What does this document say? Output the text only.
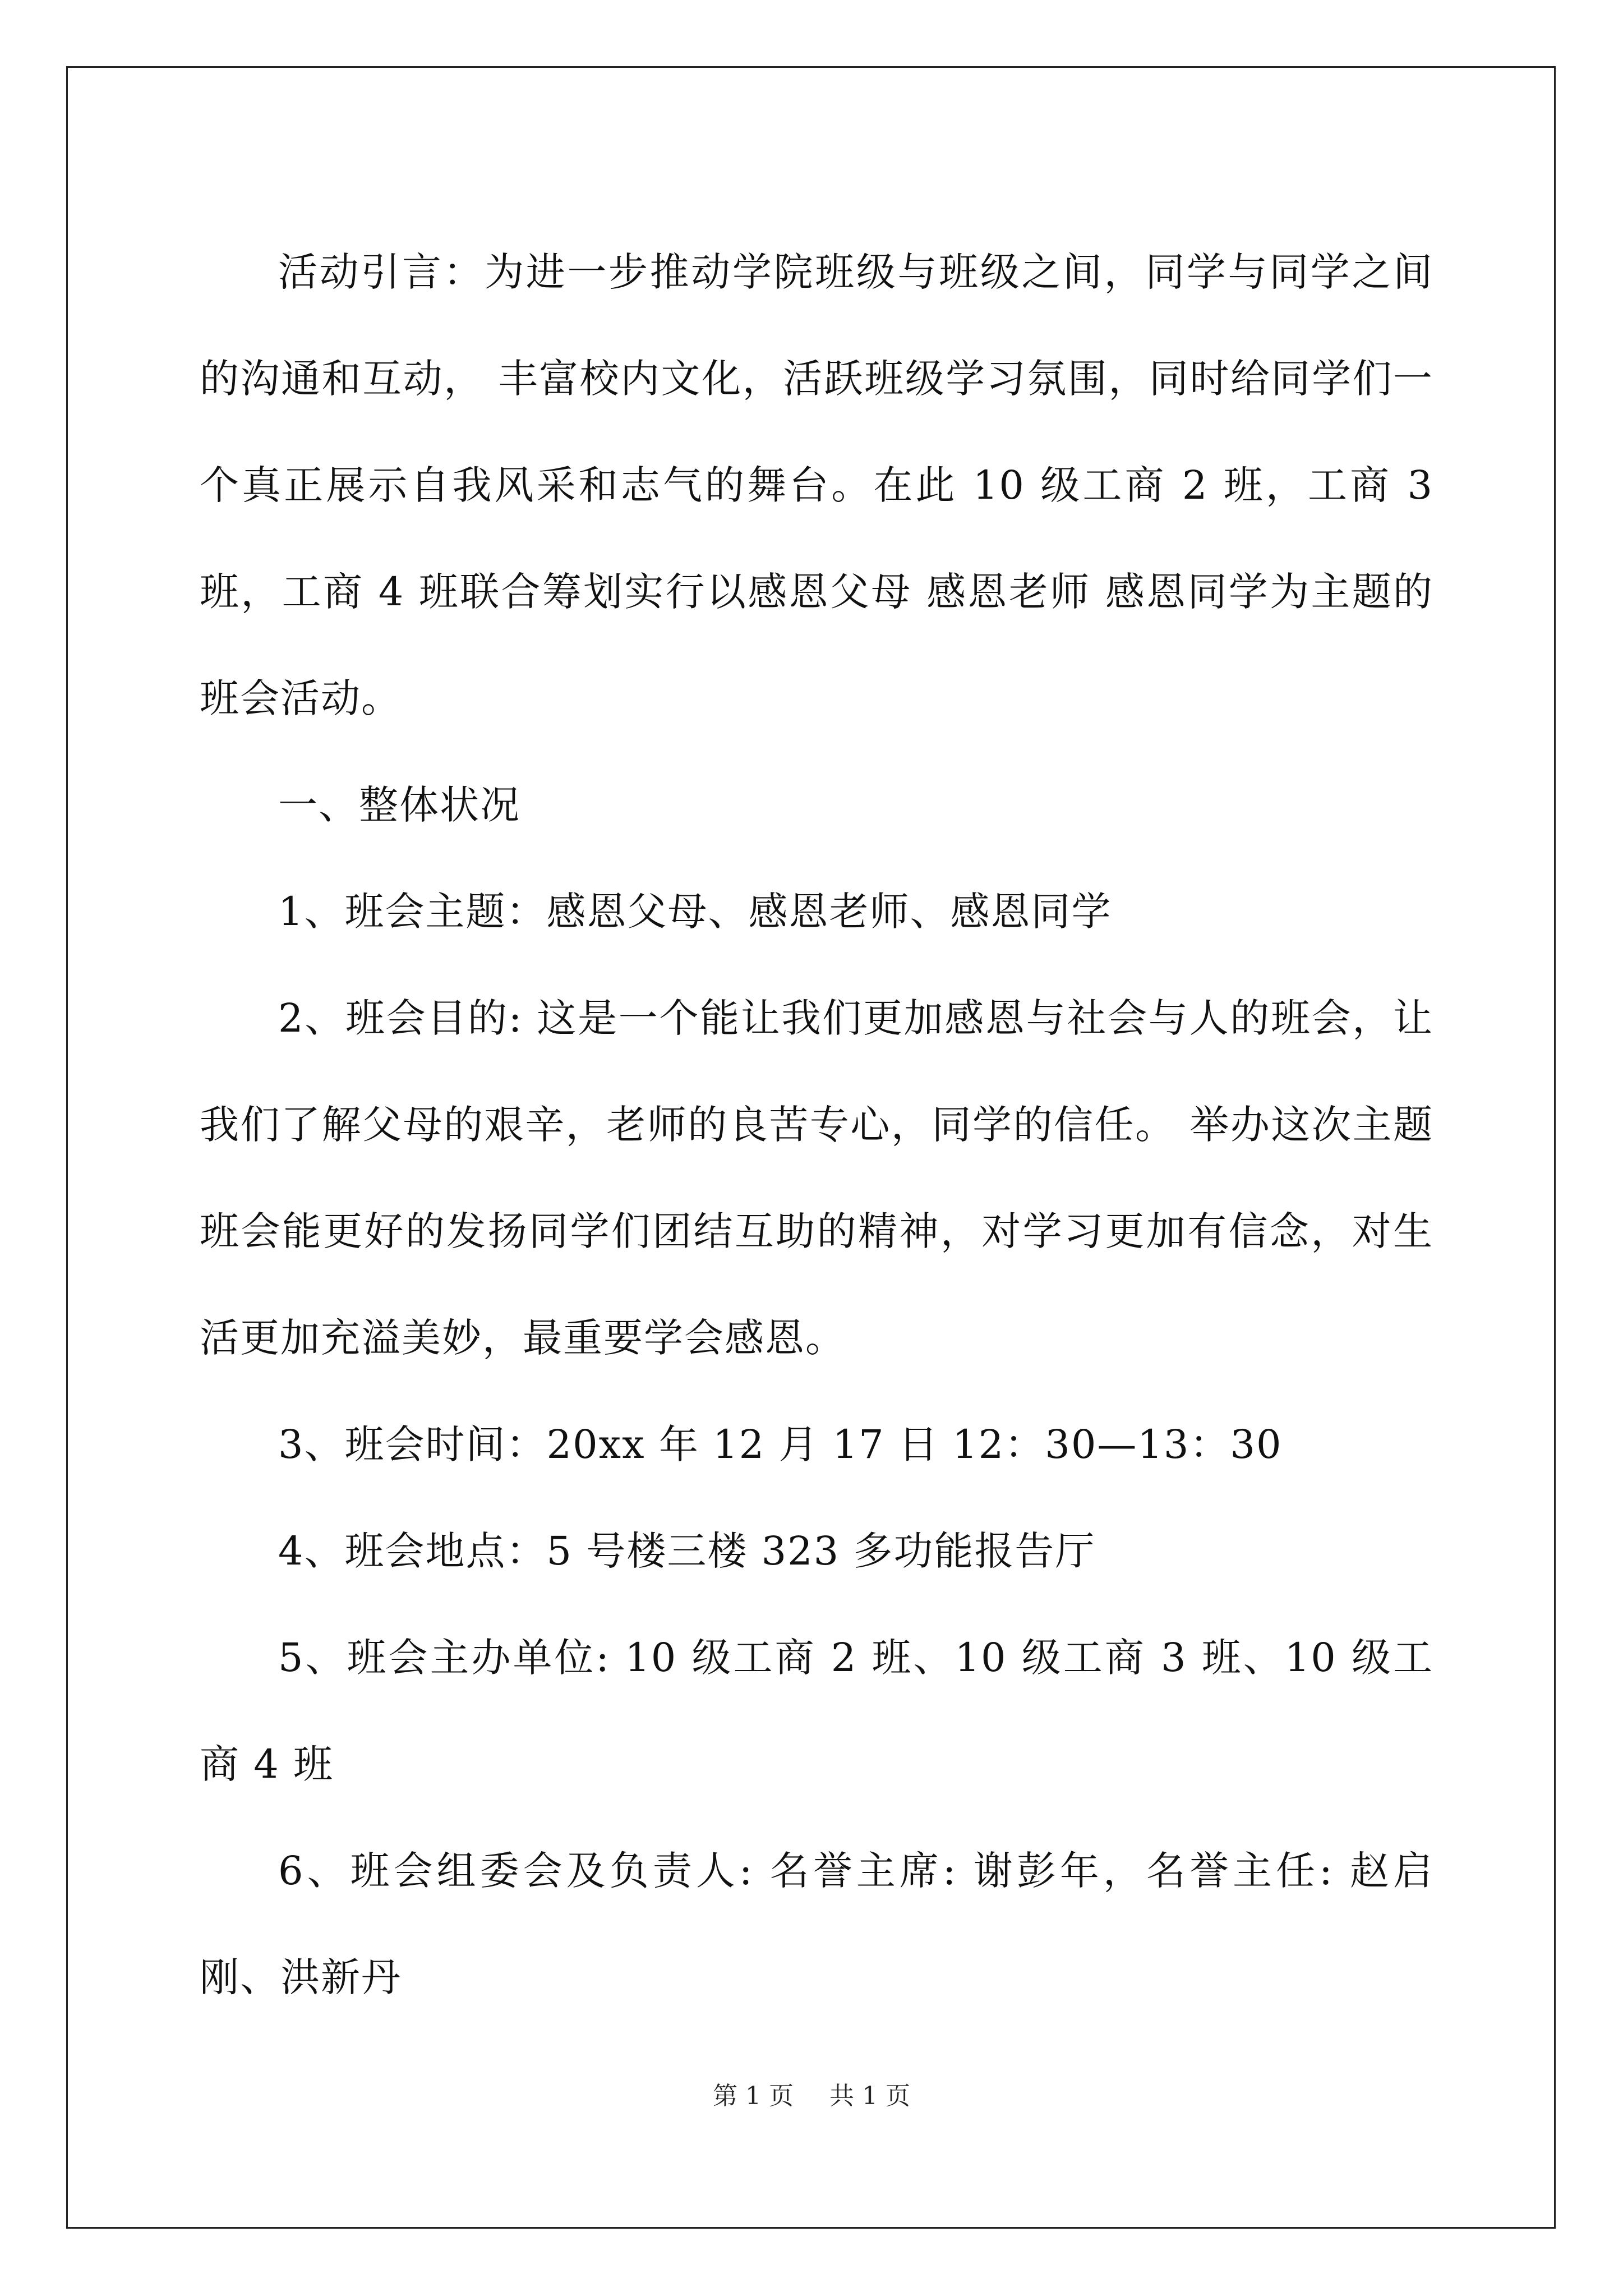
活动引言：为进一步推动学院班级与班级之间，同学与同学之间的沟通和互动， 丰富校内文化，活跃班级学习氛围，同时给同学们一个真正展示自我风采和志气的舞台。在此 10 级工商 2 班，工商 3 班，工商 4 班联合筹划实行以感恩父母 感恩老师 感恩同学为主题的班会活动。

一、整体状况

1、班会主题：感恩父母、感恩老师、感恩同学

2、班会目的: 这是一个能让我们更加感恩与社会与人的班会，让我们了解父母的艰辛，老师的良苦专心，同学的信任。 举办这次主题班会能更好的发扬同学们团结互助的精神，对学习更加有信念，对生活更加充溢美妙，最重要学会感恩。

3、班会时间：20xx 年 12 月 17 日 12：30—13：30

4、班会地点：5 号楼三楼 323 多功能报告厅

5、班会主办单位: 10 级工商 2 班、10 级工商 3 班、10 级工商 4 班

6、班会组委会及负责人: 名誉主席: 谢彭年，名誉主任: 赵启刚、洪新丹

第 1 页 共 1 页
